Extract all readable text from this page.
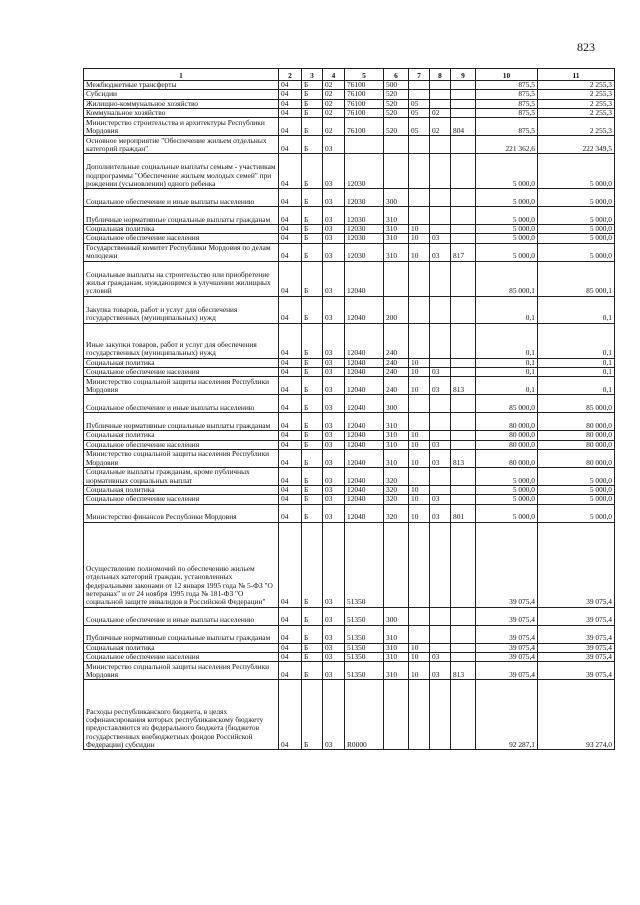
823
1	2	3	4	5	6	7	8	9	10	11
Межбюджетные трансферты	04	Б	02	76100	500				875,5	2 255,3
Субсидии	04	Б	02	76100	520				875,5	2 255,3
Жилищно-коммунальное хозяйство	04	Б	02	76100	520	05			875,5	2 255,3
Коммунальное хозяйство	04	Б	02	76100	520	05	02		875,5	2 255,3
Министерство строительства и архитектуры Республики Мордовия	04	Б	02	76100	520	05	02	804	875,5	2 255,3
Основное мероприятие "Обеспечение жильем отдельных категорий граждан"	04	Б	03						221 362,6	222 349,5
Дополнительные социальные выплаты семьям - участникам подпрограммы "Обеспечение жильем молодых семей" при рождении (усыновлении) одного ребенка	04	Б	03	12030					5 000,0	5 000,0
Социальное обеспечение и иные выплаты населению	04	Б	03	12030	300				5 000,0	5 000,0
Публичные нормативные социальные выплаты гражданам	04	Б	03	12030	310				5 000,0	5 000,0
Социальная политика	04	Б	03	12030	310	10			5 000,0	5 000,0
Социальное обеспечение населения	04	Б	03	12030	310	10	03		5 000,0	5 000,0
Государственный комитет Республики Мордовия по делам молодежи	04	Б	03	12030	310	10	03	817	5 000,0	5 000,0
Социальные выплаты на строительство или приобретение жилья гражданам, нуждающимся в улучшении жилищных условий	04	Б	03	12040					85 000,1	85 000,1
Закупка товаров, работ и услуг для обеспечения государственных (муниципальных) нужд	04	Б	03	12040	200				0,1	0,1
Иные закупки товаров, работ и услуг для обеспечения государственных (муниципальных) нужд	04	Б	03	12040	240				0,1	0,1
Социальная политика	04	Б	03	12040	240	10			0,1	0,1
Социальное обеспечение населения	04	Б	03	12040	240	10	03		0,1	0,1
Министерство социальной защиты населения Республики Мордовия	04	Б	03	12040	240	10	03	813	0,1	0,1
Социальное обеспечение и иные выплаты населению	04	Б	03	12040	300				85 000,0	85 000,0
Публичные нормативные социальные выплаты гражданам	04	Б	03	12040	310				80 000,0	80 000,0
Социальная политика	04	Б	03	12040	310	10			80 000,0	80 000,0
Социальное обеспечение населения	04	Б	03	12040	310	10	03		80 000,0	80 000,0
Министерство социальной защиты населения Республики Мордовия	04	Б	03	12040	310	10	03	813	80 000,0	80 000,0
Социальные выплаты гражданам, кроме публичных нормативных социальных выплат	04	Б	03	12040	320				5 000,0	5 000,0
Социальная политика	04	Б	03	12040	320	10			5 000,0	5 000,0
Социальное обеспечение населения	04	Б	03	12040	320	10	03		5 000,0	5 000,0
Министерство финансов Республики Мордовия	04	Б	03	12040	320	10	03	801	5 000,0	5 000,0
Осуществление полномочий по обеспечению жильем отдельных категорий граждан, установленных федеральными законами от 12 января 1995 года № 5-ФЗ "О ветеранах" и от 24 ноября 1995 года № 181-ФЗ "О социальной защите инвалидов в Российской Федерации"	04	Б	03	51350					39 075,4	39 075,4
Социальное обеспечение и иные выплаты населению	04	Б	03	51350	300				39 075,4	39 075,4
Публичные нормативные социальные выплаты гражданам	04	Б	03	51350	310				39 075,4	39 075,4
Социальная политика	04	Б	03	51350	310	10			39 075,4	39 075,4
Социальное обеспечение населения	04	Б	03	51350	310	10	03		39 075,4	39 075,4
Министерство социальной защиты населения Республики Мордовия	04	Б	03	51350	310	10	03	813	39 075,4	39 075,4
Расходы республиканского бюджета, в целях софинансирования которых республиканскому бюджету предоставляются из федерального бюджета (бюджетов государственных внебюджетных фондов Российской Федерации) субсидии	04	Б	03	R0000					92 287,1	93 274,0
